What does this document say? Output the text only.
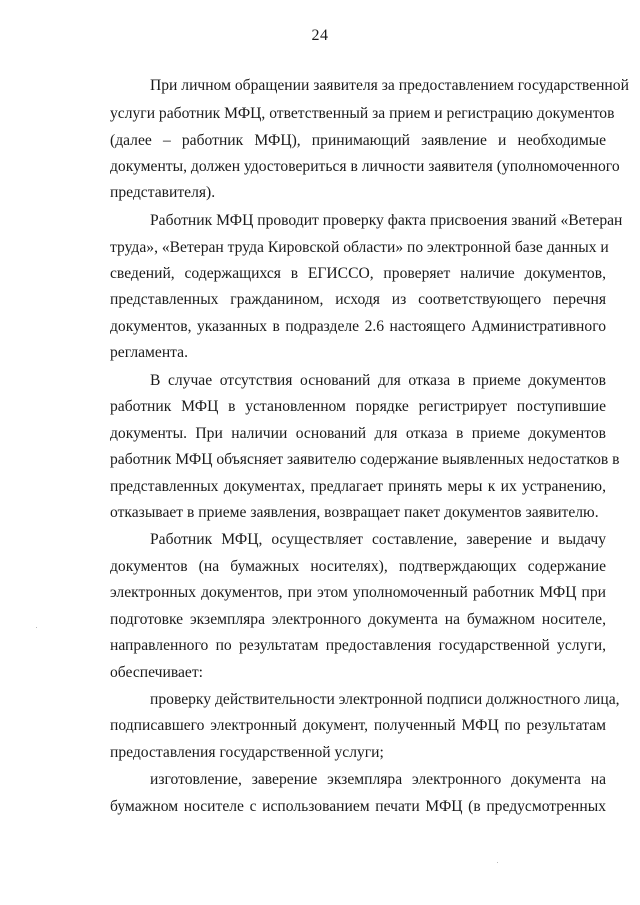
24
При личном обращении заявителя за предоставлением государственной
услуги работник МФЦ, ответственный за прием и регистрацию документов
(далее – работник МФЦ), принимающий заявление и необходимые
документы, должен удостовериться в личности заявителя (уполномоченного
представителя).
Работник МФЦ проводит проверку факта присвоения званий «Ветеран
труда», «Ветеран труда Кировской области» по электронной базе данных и
сведений, содержащихся в ЕГИССО, проверяет наличие документов,
представленных гражданином, исходя из соответствующего перечня
документов, указанных в подразделе 2.6 настоящего Административного
регламента.
В случае отсутствия оснований для отказа в приеме документов
работник МФЦ в установленном порядке регистрирует поступившие
документы. При наличии оснований для отказа в приеме документов
работник МФЦ объясняет заявителю содержание выявленных недостатков в
представленных документах, предлагает принять меры к их устранению,
отказывает в приеме заявления, возвращает пакет документов заявителю.
Работник МФЦ, осуществляет составление, заверение и выдачу
документов (на бумажных носителях), подтверждающих содержание
электронных документов, при этом уполномоченный работник МФЦ при
подготовке экземпляра электронного документа на бумажном носителе,
направленного по результатам предоставления государственной услуги,
обеспечивает:
проверку действительности электронной подписи должностного лица,
подписавшего электронный документ, полученный МФЦ по результатам
предоставления государственной услуги;
изготовление, заверение экземпляра электронного документа на
бумажном носителе с использованием печати МФЦ (в предусмотренных
